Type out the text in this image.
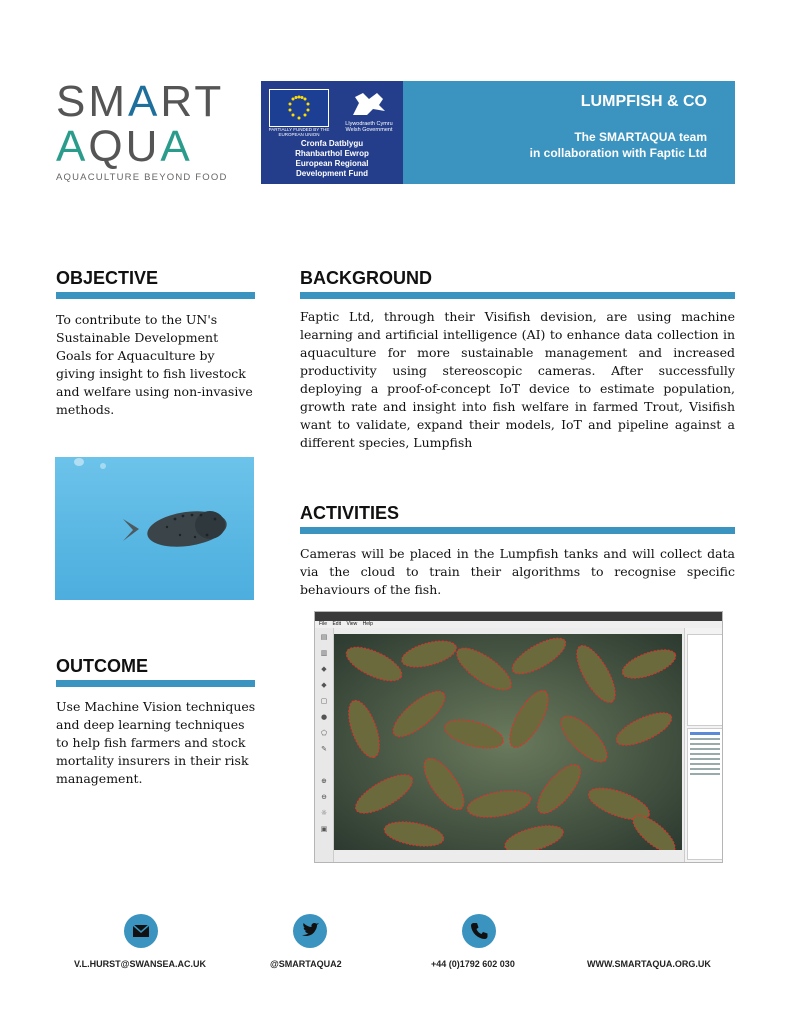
SMART
AQUA
AQUACULTURE BEYOND FOOD
PARTIALLY FUNDED BY THE EUROPEAN UNION
Llywodraeth Cymru Welsh Government
Cronfa Datblygu
Rhanbarthol Ewrop
European Regional
Development Fund
LUMPFISH & CO
The SMARTAQUA team
in collaboration with Faptic Ltd
OBJECTIVE
To contribute to the UN's Sustainable Development Goals for Aquaculture by giving insight to fish livestock and welfare using non-invasive methods.
OUTCOME
Use Machine Vision techniques and deep learning techniques to help fish farmers and stock mortality insurers in their risk management.
BACKGROUND
Faptic Ltd, through their Visifish devision, are using machine learning and artificial intelligence (AI) to enhance data collection in aquaculture for more sustainable management and increased productivity using stereoscopic cameras. After successfully deploying a proof-of-concept IoT device to estimate population, growth rate and insight into fish welfare in farmed Trout, Visifish want to validate, expand their models, IoT and pipeline against a different species, Lumpfish
ACTIVITIES
Cameras will be placed in the Lumpfish tanks and will collect data via the cloud to train their algorithms to recognise specific behaviours of the fish.
File Edit View Help
▤
▥
◆
◆
▢
●
⬠
✎
⊕
⊖
☼
▣
V.L.HURST@SWANSEA.AC.UK	@SMARTAQUA2	+44 (0)1792 602 030	WWW.SMARTAQUA.ORG.UK
